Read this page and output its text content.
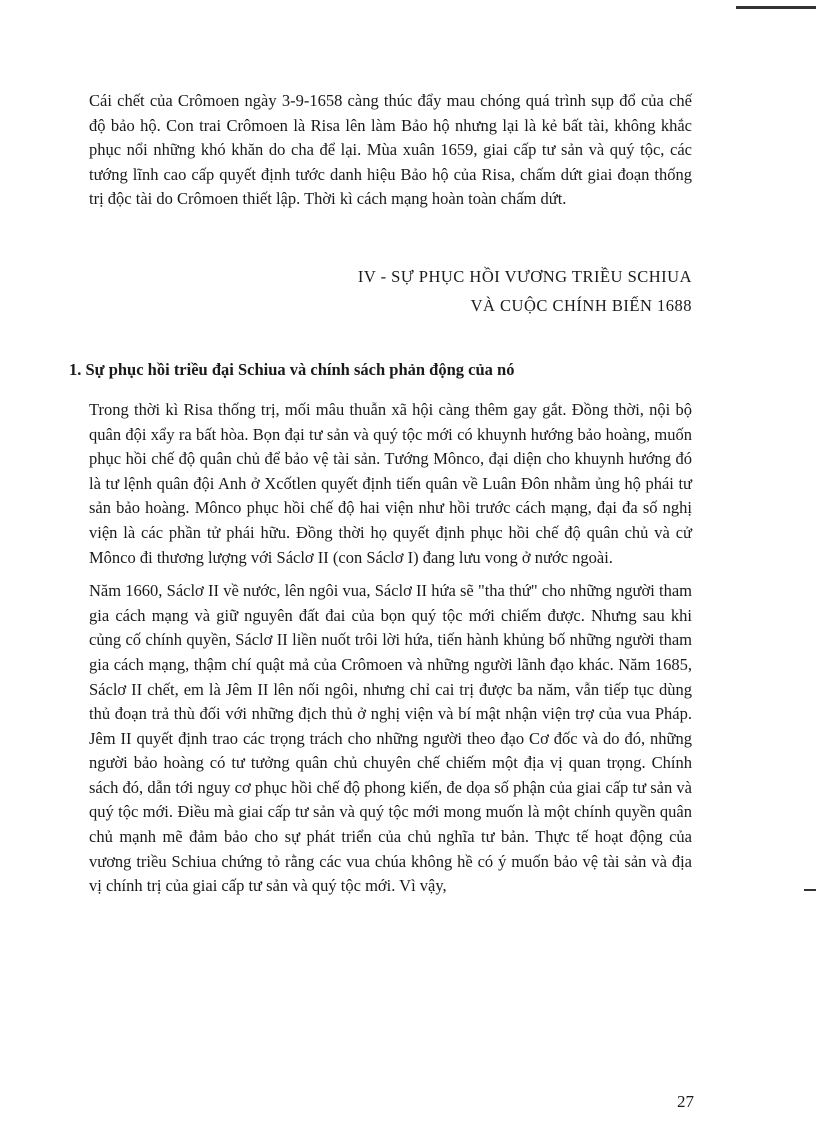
Cái chết của Crômoen ngày 3-9-1658 càng thúc đẩy mau chóng quá trình sụp đổ của chế độ bảo hộ. Con trai Crômoen là Risa lên làm Bảo hộ nhưng lại là kẻ bất tài, không khắc phục nổi những khó khăn do cha để lại. Mùa xuân 1659, giai cấp tư sản và quý tộc, các tướng lĩnh cao cấp quyết định tước danh hiệu Bảo hộ của Risa, chấm dứt giai đoạn thống trị độc tài do Crômoen thiết lập. Thời kì cách mạng hoàn toàn chấm dứt.

IV - SỰ PHỤC HỒI VƯƠNG TRIỀU SCHIUA
VÀ CUỘC CHÍNH BIẾN 1688
1. Sự phục hồi triều đại Schiua và chính sách phản động của nó

Trong thời kì Risa thống trị, mối mâu thuẫn xã hội càng thêm gay gắt. Đồng thời, nội bộ quân đội xẩy ra bất hòa. Bọn đại tư sản và quý tộc mới có khuynh hướng bảo hoàng, muốn phục hồi chế độ quân chủ để bảo vệ tài sản. Tướng Mônco, đại diện cho khuynh hướng đó là tư lệnh quân đội Anh ở Xcốtlen quyết định tiến quân về Luân Đôn nhằm ủng hộ phái tư sản bảo hoàng. Mônco phục hồi chế độ hai viện như hồi trước cách mạng, đại đa số nghị viện là các phần tử phái hữu. Đồng thời họ quyết định phục hồi chế độ quân chủ và cử Mônco đi thương lượng với Sáclơ II (con Sáclơ I) đang lưu vong ở nước ngoài.

Năm 1660, Sáclơ II về nước, lên ngôi vua, Sáclơ II hứa sẽ "tha thứ" cho những người tham gia cách mạng và giữ nguyên đất đai của bọn quý tộc mới chiếm được. Nhưng sau khi củng cố chính quyền, Sáclơ II liền nuốt trôi lời hứa, tiến hành khủng bố những người tham gia cách mạng, thậm chí quật mả của Crômoen và những người lãnh đạo khác. Năm 1685, Sáclơ II chết, em là Jêm II lên nối ngôi, nhưng chỉ cai trị được ba năm, vẫn tiếp tục dùng thủ đoạn trả thù đối với những địch thủ ở nghị viện và bí mật nhận viện trợ của vua Pháp. Jêm II quyết định trao các trọng trách cho những người theo đạo Cơ đốc và do đó, những người bảo hoàng có tư tưởng quân chủ chuyên chế chiếm một địa vị quan trọng. Chính sách đó, dẫn tới nguy cơ phục hồi chế độ phong kiến, đe dọa số phận của giai cấp tư sản và quý tộc mới. Điều mà giai cấp tư sản và quý tộc mới mong muốn là một chính quyền quân chủ mạnh mẽ đảm bảo cho sự phát triển của chủ nghĩa tư bản. Thực tế hoạt động của vương triều Schiua chứng tỏ rằng các vua chúa không hề có ý muốn bảo vệ tài sản và địa vị chính trị của giai cấp tư sản và quý tộc mới. Vì vậy,

27
